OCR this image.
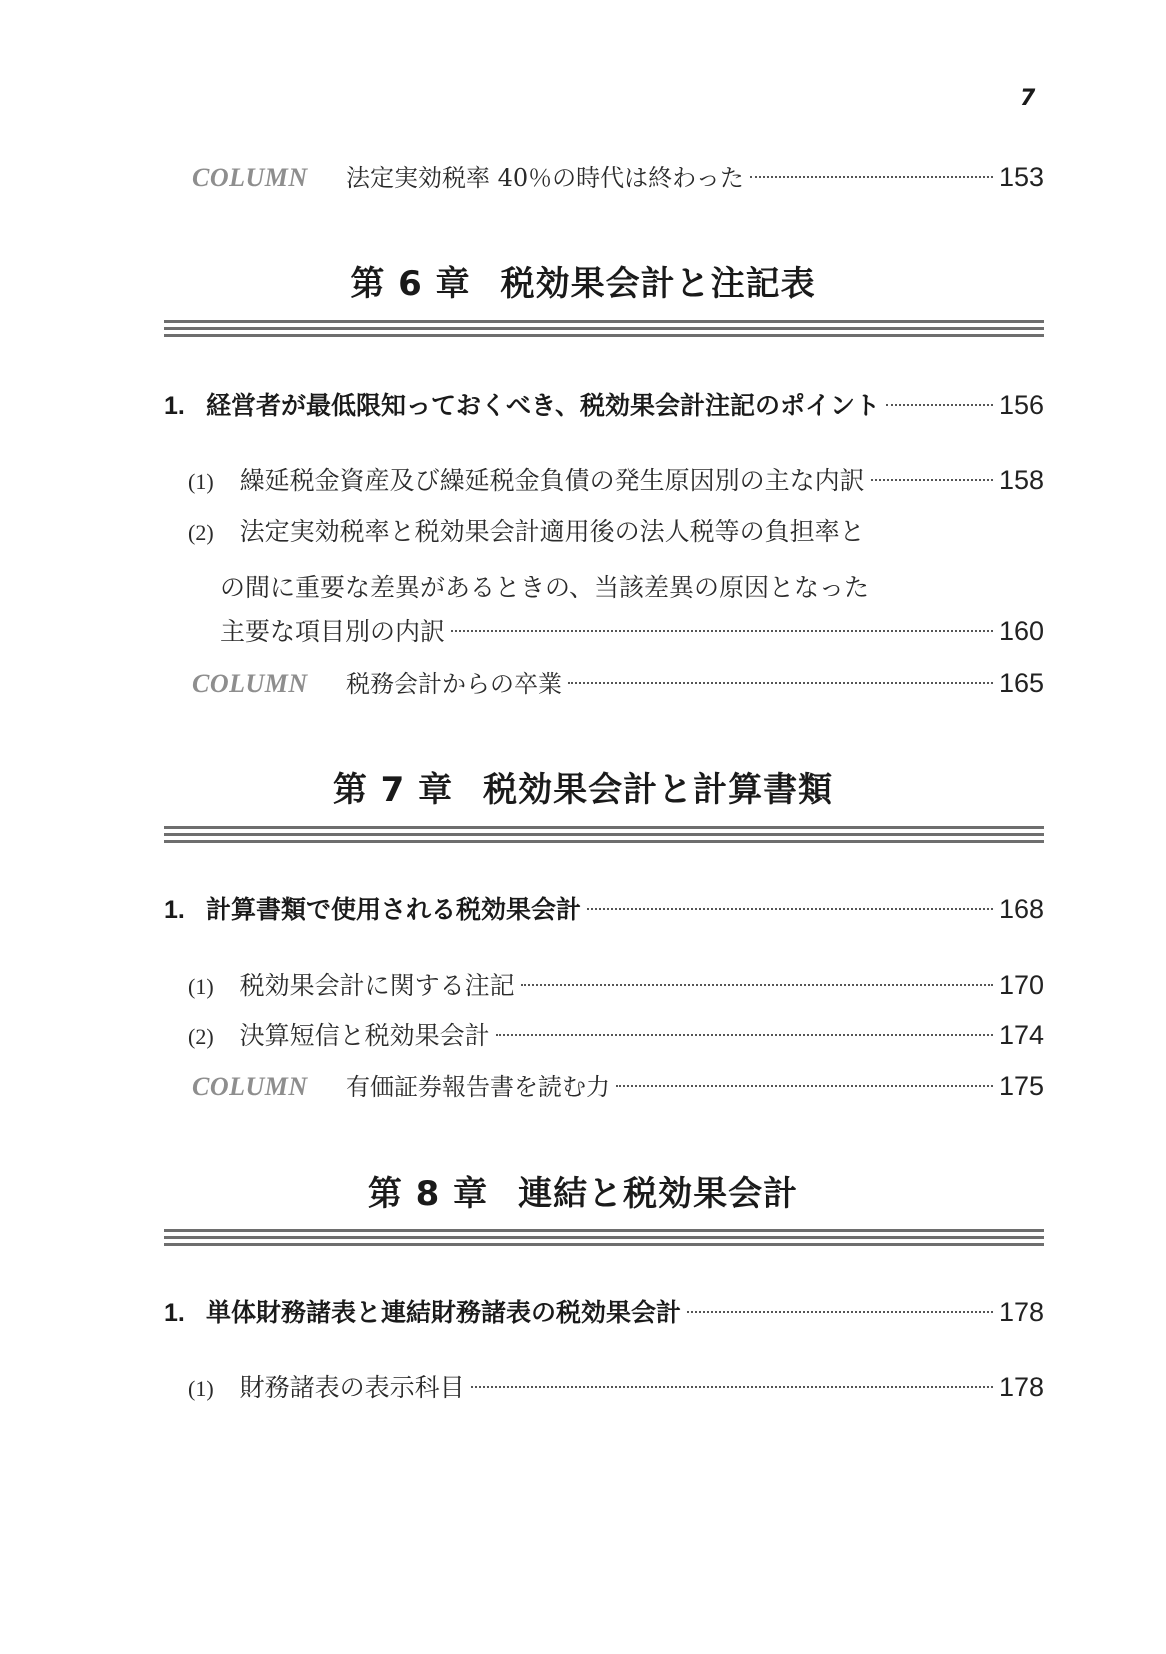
7
COLUMN 法定実効税率 40％の時代は終わった	153
第 6 章 税効果会計と注記表
1. 経営者が最低限知っておくべき、税効果会計注記のポイント	156
(1) 繰延税金資産及び繰延税金負債の発生原因別の主な内訳	158
(2) 法定実効税率と税効果会計適用後の法人税等の負担率と
の間に重要な差異があるときの、当該差異の原因となった
主要な項目別の内訳	160
COLUMN 税務会計からの卒業	165
第 7 章 税効果会計と計算書類
1. 計算書類で使用される税効果会計	168
(1) 税効果会計に関する注記	170
(2) 決算短信と税効果会計	174
COLUMN 有価証券報告書を読む力	175
第 8 章 連結と税効果会計
1. 単体財務諸表と連結財務諸表の税効果会計	178
(1) 財務諸表の表示科目	178
